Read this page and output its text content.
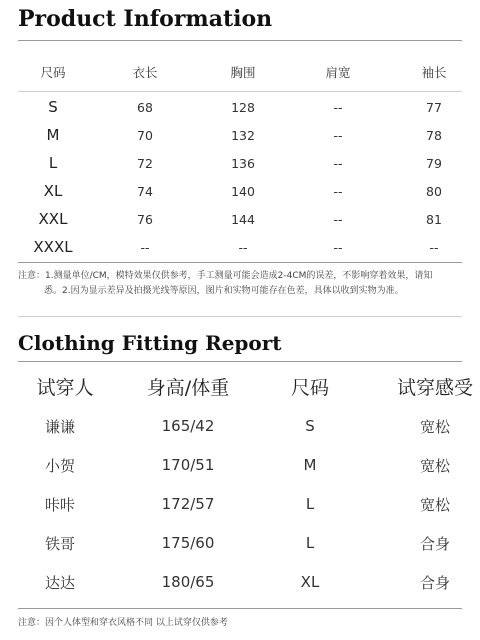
Product Information
尺码	衣长	胸围	肩宽	袖长
S	68	128	--	77
M	70	132	--	78
L	72	136	--	79
XL	74	140	--	80
XXL	76	144	--	81
XXXL	--	--	--	--
注意：1.测量单位/CM，模特效果仅供参考，手工测量可能会造成2-4CM的误差，不影响穿着效果，请知
悉。2.因为显示差异及拍摄光线等原因，图片和实物可能存在色差，具体以收到实物为准。
Clothing Fitting Report
试穿人	身高/体重	尺码	试穿感受
谦谦	165/42	S	宽松
小贺	170/51	M	宽松
咔咔	172/57	L	宽松
铁哥	175/60	L	合身
达达	180/65	XL	合身
注意：因个人体型和穿衣风格不同 以上试穿仅供参考
